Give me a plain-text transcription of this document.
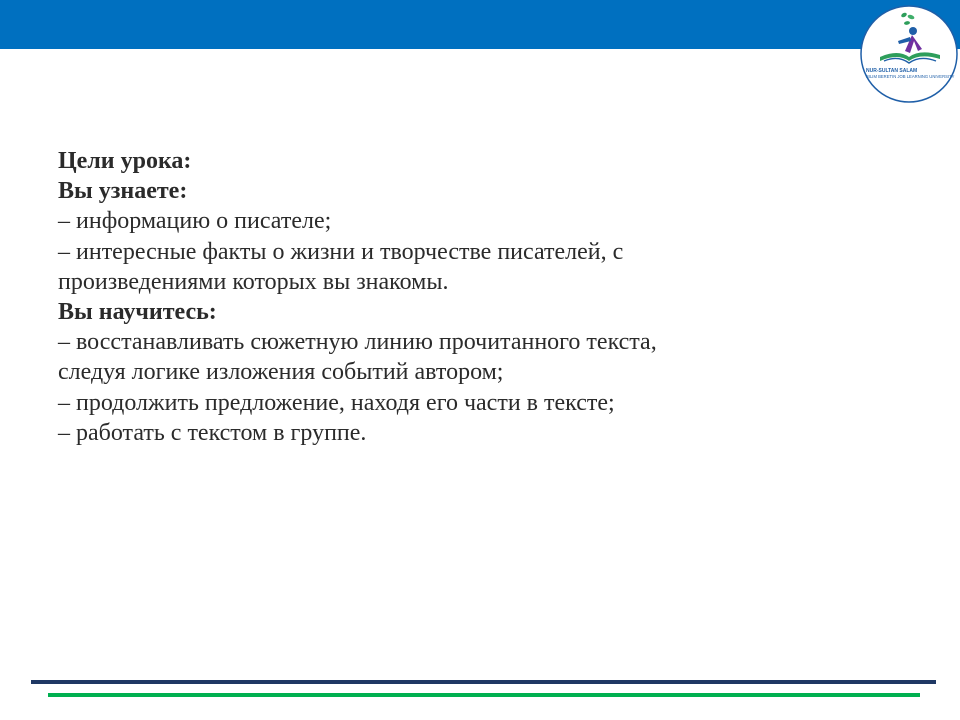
NUR-SULTAN SALAM
BILIM BERETIN JOB LEARNING UNIVERSITY
Цели урока:
Вы узнаете:
– информацию о писателе;
– интересные факты о жизни и творчестве писателей, с
произведениями которых вы знакомы.
Вы научитесь:
– восстанавливать сюжетную линию прочитанного текста,
следуя логике изложения событий автором;
– продолжить предложение, находя его части в тексте;
– работать с текстом в группе.
